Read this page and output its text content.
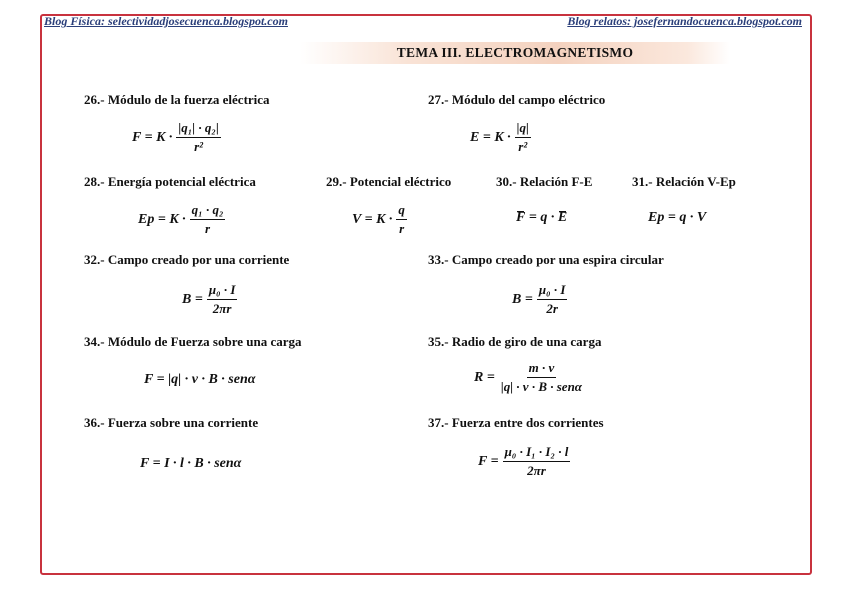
Blog Física: selectividadjosecuenca.blogspot.com	Blog relatos: josefernandocuenca.blogspot.com
TEMA III. ELECTROMAGNETISMO
26.- Módulo de la fuerza eléctrica
$F = K \cdot \frac{\text{|q₁| · q₂|}}{\text{r²}}$
27.- Módulo del campo eléctrico
$E = K \cdot \frac{|q|}{\text{r²}}$
28.- Energía potencial eléctrica
$Ep = K \cdot \frac{\text{q₁ · q₂}}{r}$
29.- Potencial eléctrico
$V = K \cdot \frac{q}{r}$
30.- Relación F-E
F = q · E
31.- Relación V-Ep
Ep = q · V
32.- Campo creado por una corriente
$B = \frac{\text{μ₀ · I}}{2\pi r}$
33.- Campo creado por una espira circular
$B = \frac{\text{μ₀ · I}}{2r}$
34.- Módulo de Fuerza sobre una carga
F = |q| · v · B · senα
35.- Radio de giro de una carga
$R = \frac{m \cdot v}{\text{|q| · v · B · senα}}$
36.- Fuerza sobre una corriente
F = I · l · B · senα
37.- Fuerza entre dos corrientes
$F = \frac{\text{μ₀ · I₁ · I₂ · l}}{2\pi r}$
